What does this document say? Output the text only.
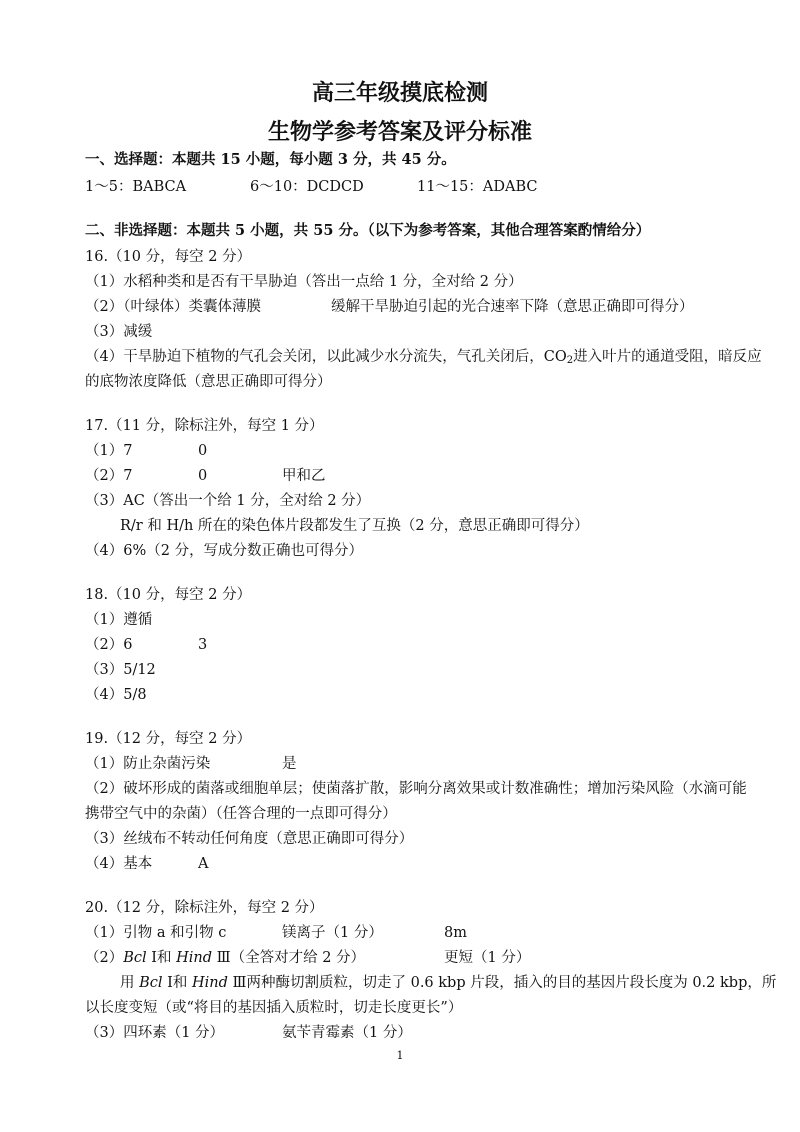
高三年级摸底检测
生物学参考答案及评分标准
一、选择题：本题共 15 小题，每小题 3 分，共 45 分。
1～5：BABCA	6～10：DCDCD	11～15：ADABC
二、非选择题：本题共 5 小题，共 55 分。（以下为参考答案，其他合理答案酌情给分）
16.（10 分，每空 2 分）
（1）水稻种类和是否有干旱胁迫（答出一点给 1 分，全对给 2 分）
（2）（叶绿体）类囊体薄膜	缓解干旱胁迫引起的光合速率下降（意思正确即可得分）
（3）减缓
（4）干旱胁迫下植物的气孔会关闭，以此减少水分流失，气孔关闭后，$CO_2$进入叶片的通道受阻，暗反应
的底物浓度降低（意思正确即可得分）
17.（11 分，除标注外，每空 1 分）
（1）7	0
（2）7	0	甲和乙
（3）AC（答出一个给 1 分，全对给 2 分）
R/r 和 H/h 所在的染色体片段都发生了互换（2 分，意思正确即可得分）
（4）6%（2 分，写成分数正确也可得分）
18.（10 分，每空 2 分）
（1）遵循
（2）6	3
（3）5/12
（4）5/8
19.（12 分，每空 2 分）
（1）防止杂菌污染	是
（2）破坏形成的菌落或细胞单层；使菌落扩散，影响分离效果或计数准确性；增加污染风险（水滴可能
携带空气中的杂菌）（任答合理的一点即可得分）
（3）丝绒布不转动任何角度（意思正确即可得分）
（4）基本	A
20.（12 分，除标注外，每空 2 分）
（1）引物 a 和引物 c	镁离子（1 分）	8m
（2）Bcl Ⅰ和 Hind Ⅲ（全答对才给 2 分）	更短（1 分）
用 Bcl Ⅰ和 Hind Ⅲ两种酶切割质粒，切走了 0.6 kbp 片段，插入的目的基因片段长度为 0.2 kbp，所
以长度变短（或“将目的基因插入质粒时，切走长度更长”）
（3）四环素（1 分）	氨苄青霉素（1 分）
1
